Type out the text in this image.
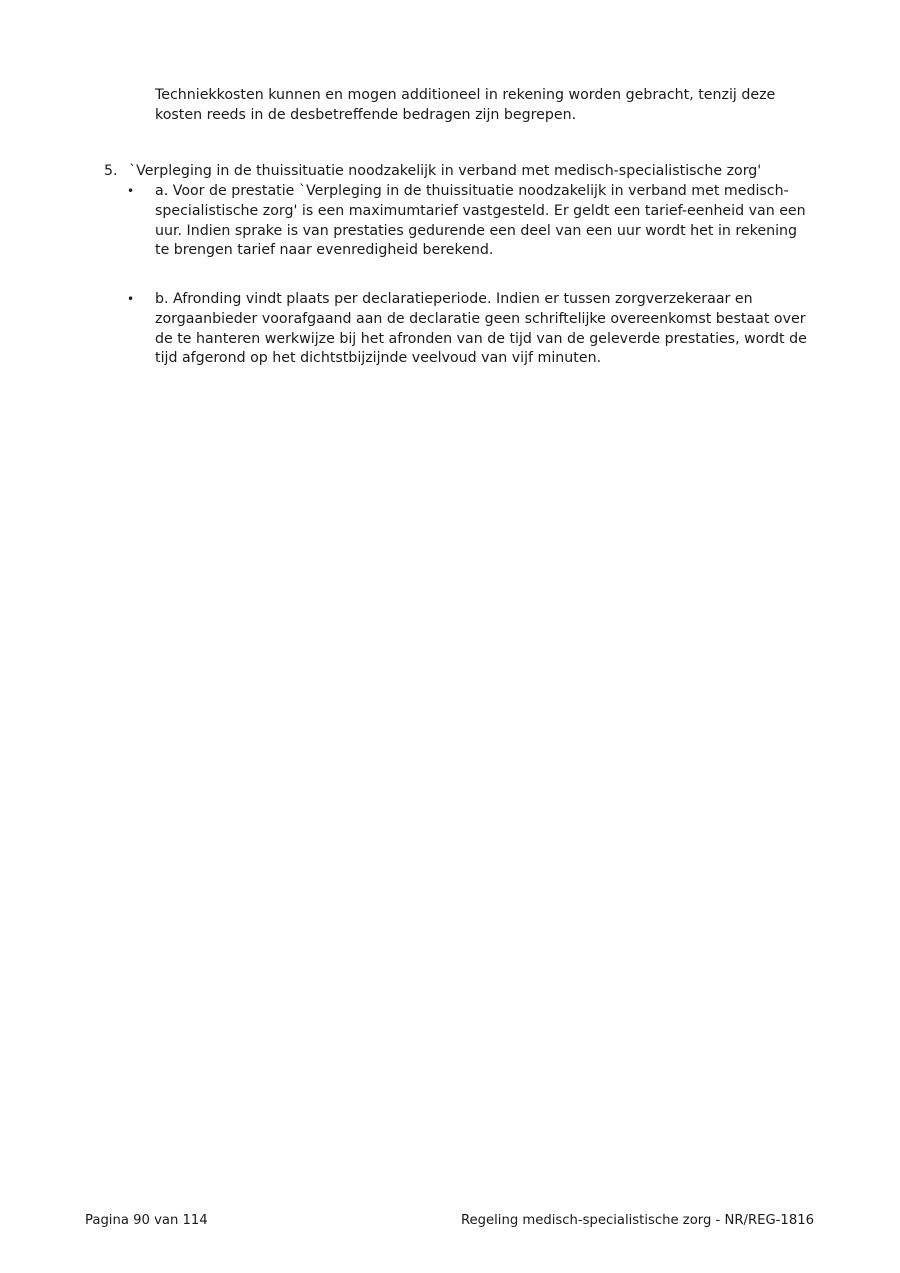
Techniekkosten kunnen en mogen additioneel in rekening worden gebracht, tenzij deze kosten reeds in de desbetreffende bedragen zijn begrepen.

5. `Verpleging in de thuissituatie noodzakelijk in verband met medisch-specialistische zorg'
• a. Voor de prestatie `Verpleging in de thuissituatie noodzakelijk in verband met medisch-specialistische zorg' is een maximumtarief vastgesteld. Er geldt een tarief-eenheid van een uur. Indien sprake is van prestaties gedurende een deel van een uur wordt het in rekening te brengen tarief naar evenredigheid berekend.

• b. Afronding vindt plaats per declaratieperiode. Indien er tussen zorgverzekeraar en zorgaanbieder voorafgaand aan de declaratie geen schriftelijke overeenkomst bestaat over de te hanteren werkwijze bij het afronden van de tijd van de geleverde prestaties, wordt de tijd afgerond op het dichtstbijzijnde veelvoud van vijf minuten.

Pagina 90 van 114	Regeling medisch-specialistische zorg - NR/REG-1816
